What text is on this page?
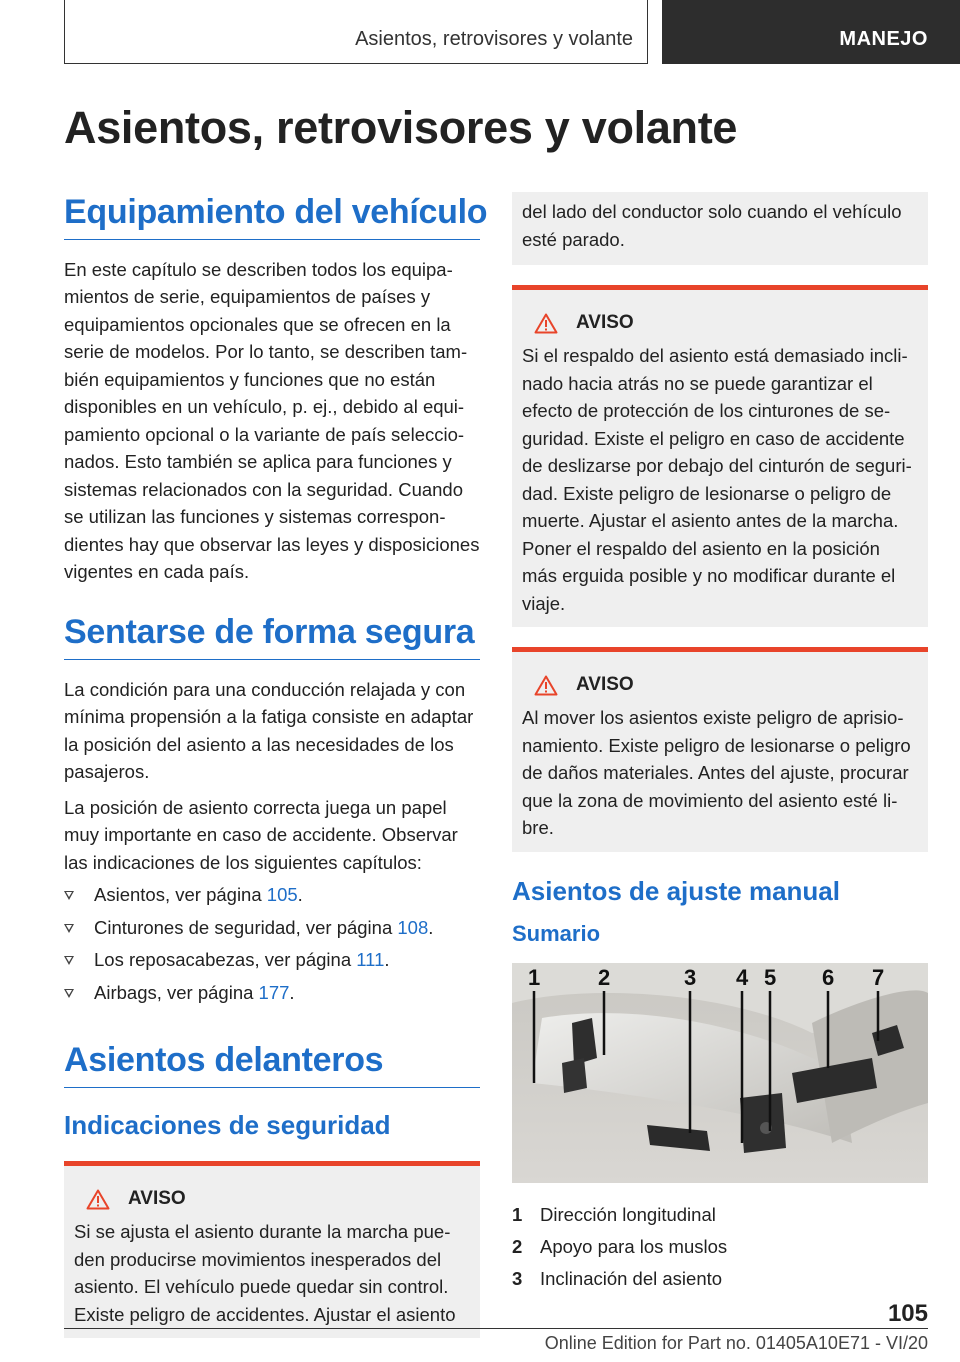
Asientos, retrovisores y volante	MANEJO
Asientos, retrovisores y volante
Equipamiento del vehículo

En este capítulo se describen todos los equipamientos de serie, equipamientos de países y equipamientos opcionales que se ofrecen en la serie de modelos. Por lo tanto, se describen también equipamientos y funciones que no están disponibles en un vehículo, p. ej., debido al equipamiento opcional o la variante de país seleccionados. Esto también se aplica para funciones y sistemas relacionados con la seguridad. Cuando se utilizan las funciones y sistemas correspondientes hay que observar las leyes y disposiciones vigentes en cada país.

Sentarse de forma segura

La condición para una conducción relajada y con mínima propensión a la fatiga consiste en adaptar la posición del asiento a las necesidades de los pasajeros.

La posición de asiento correcta juega un papel muy importante en caso de accidente. Observar las indicaciones de los siguientes capítulos:

Asientos, ver página 105.
Cinturones de seguridad, ver página 108.
Los reposacabezas, ver página 111.
Airbags, ver página 177.
Asientos delanteros
Indicaciones de seguridad
AVISO

Si se ajusta el asiento durante la marcha pueden producirse movimientos inesperados del asiento. El vehículo puede quedar sin control. Existe peligro de accidentes. Ajustar el asiento

del lado del conductor solo cuando el vehículo esté parado.

AVISO

Si el respaldo del asiento está demasiado inclinado hacia atrás no se puede garantizar el efecto de protección de los cinturones de seguridad. Existe el peligro en caso de accidente de deslizarse por debajo del cinturón de seguridad. Existe peligro de lesionarse o peligro de muerte. Ajustar el asiento antes de la marcha. Poner el respaldo del asiento en la posición más erguida posible y no modificar durante el viaje.

AVISO

Al mover los asientos existe peligro de aprisionamiento. Existe peligro de lesionarse o peligro de daños materiales. Antes del ajuste, procurar que la zona de movimiento del asiento esté libre.

Asientos de ajuste manual
Sumario
1	2	3 4 5 6 7
1 Dirección longitudinal
2 Apoyo para los muslos
3 Inclinación del asiento
105
Online Edition for Part no. 01405A10E71 - VI/20
